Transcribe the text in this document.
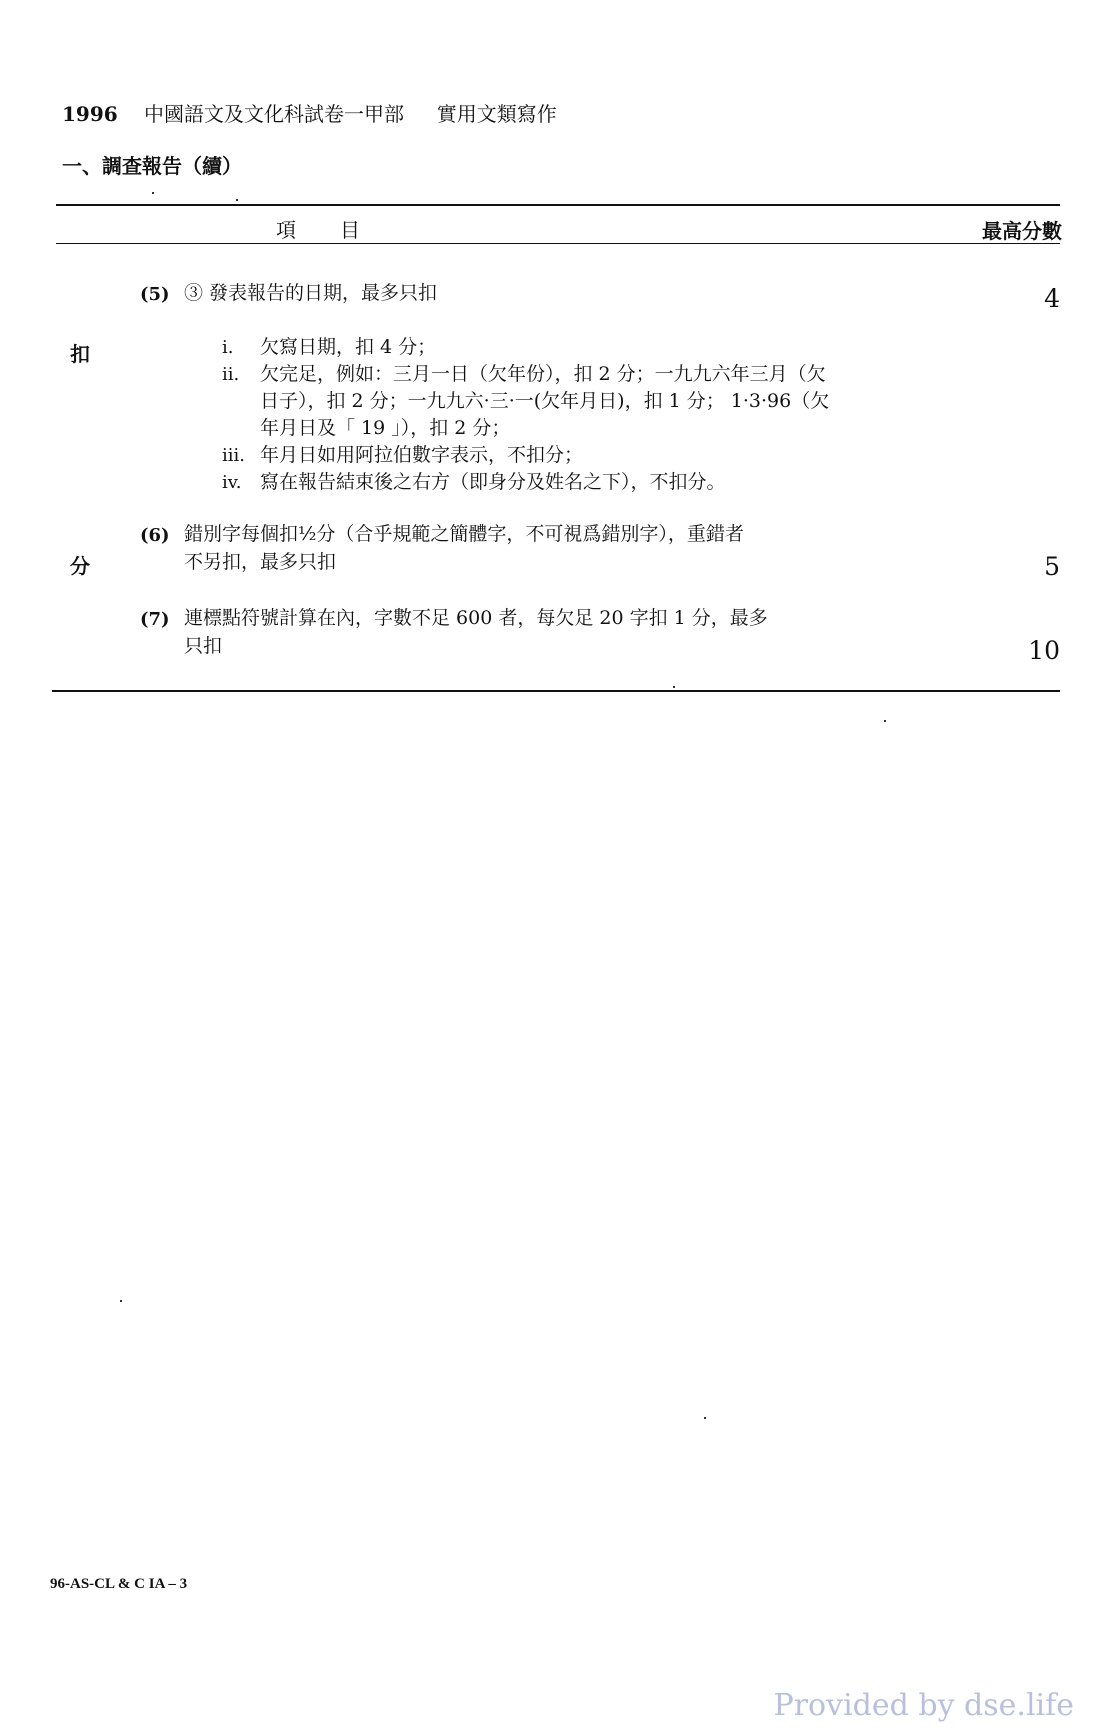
1996 中國語文及文化科試卷一甲部 實用文類寫作
一、調查報告（續）
項目	最高分數
扣
分
(5) ③ 發表報告的日期，最多只扣	4
i. 欠寫日期，扣 4 分；
ii. 欠完足，例如：三月一日（欠年份），扣 2 分；一九九六年三月（欠
日子），扣 2 分；一九九六·三·一(欠年月日)，扣 1 分； 1·3·96（欠
年月日及「 19 」），扣 2 分；
iii. 年月日如用阿拉伯數字表示，不扣分；
iv. 寫在報告結束後之右方（即身分及姓名之下），不扣分。
(6) 錯別字每個扣½分（合乎規範之簡體字，不可視爲錯別字），重錯者
不另扣，最多只扣	5
(7) 連標點符號計算在內，字數不足 600 者，每欠足 20 字扣 1 分，最多
只扣	10
96-AS-CL & C IA – 3
Provided by dse.life
